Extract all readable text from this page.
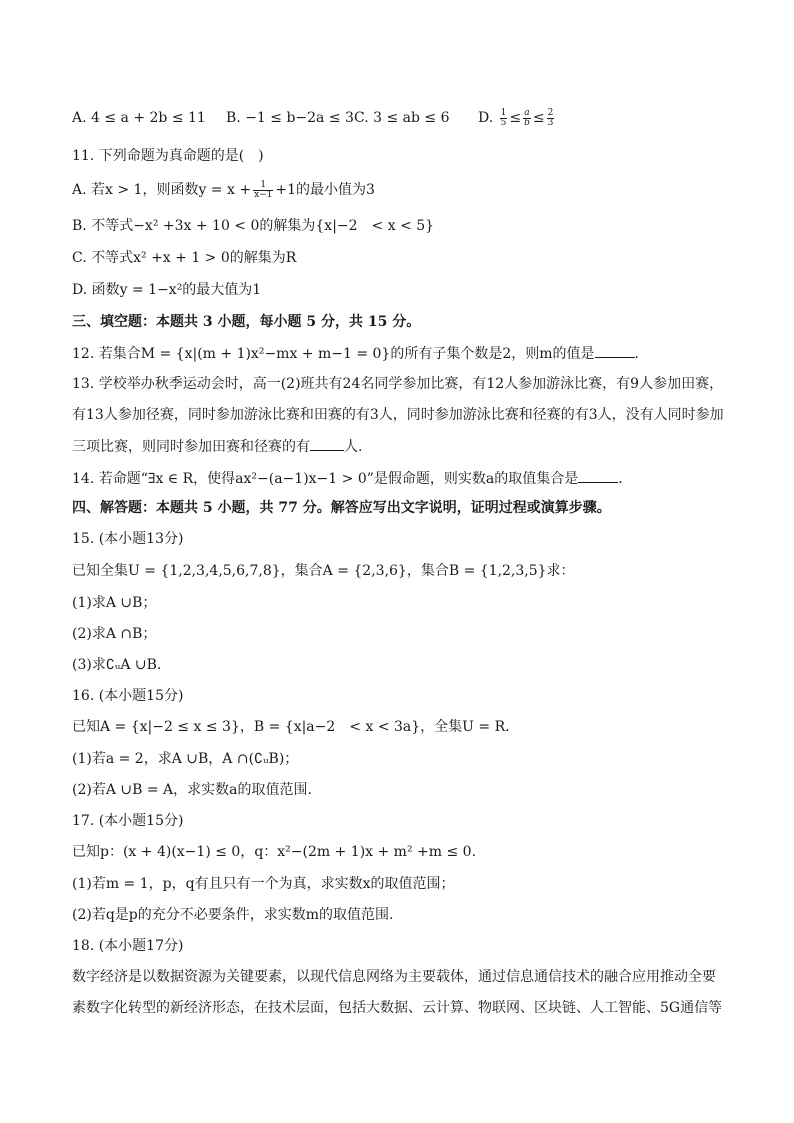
A. 4 ≤ a + 2b ≤ 11 B. −1 ≤ b−2a ≤ 3 C. 3 ≤ ab ≤ 6 D. $\frac{1}{5} \le \frac{a}{b} \le \frac{2}{3}$
11. 下列命题为真命题的是(　)
A. 若x > 1，则函数$y = x + \frac{1}{x-1} +1$的最小值为3
B. 不等式−x² +3x + 10 < 0的解集为{x|−2　< x < 5}
C. 不等式x² +x + 1 > 0的解集为R
D. 函数y = 1−x²的最大值为1
三、填空题：本题共 3 小题，每小题 5 分，共 15 分。
12. 若集合M = {x|(m + 1)x²−mx + m−1 = 0}的所有子集个数是2，则m的值是	.
13. 学校举办秋季运动会时，高一(2)班共有24名同学参加比赛，有12人参加游泳比赛，有9人参加田赛，
有13人参加径赛，同时参加游泳比赛和田赛的有3人，同时参加游泳比赛和径赛的有3人，没有人同时参加
三项比赛，则同时参加田赛和径赛的有 人.
14. 若命题“∃x ∈ R，使得ax²−(a−1)x−1 > 0”是假命题，则实数a的取值集合是	.
四、解答题：本题共 5 小题，共 77 分。解答应写出文字说明，证明过程或演算步骤。
15. (本小题13分)
已知全集U = {1,2,3,4,5,6,7,8}，集合A = {2,3,6}，集合B = {1,2,3,5}求：
(1)求A ∪B；
(2)求A ∩B；
(3)求∁ᵤA ∪B.
16. (本小题15分)
已知A = {x|−2 ≤ x ≤ 3}，B = {x|a−2　< x < 3a}，全集U = R.
(1)若a = 2，求A ∪B，A ∩(∁ᵤB)；
(2)若A ∪B = A，求实数a的取值范围.
17. (本小题15分)
已知p：(x + 4)(x−1) ≤ 0，q：x²−(2m + 1)x + m² +m ≤ 0.
(1)若m = 1，p，q有且只有一个为真，求实数x的取值范围；
(2)若q是p的充分不必要条件，求实数m的取值范围.
18. (本小题17分)
数字经济是以数据资源为关键要素，以现代信息网络为主要载体，通过信息通信技术的融合应用推动全要
素数字化转型的新经济形态，在技术层面，包括大数据、云计算、物联网、区块链、人工智能、5G通信等
